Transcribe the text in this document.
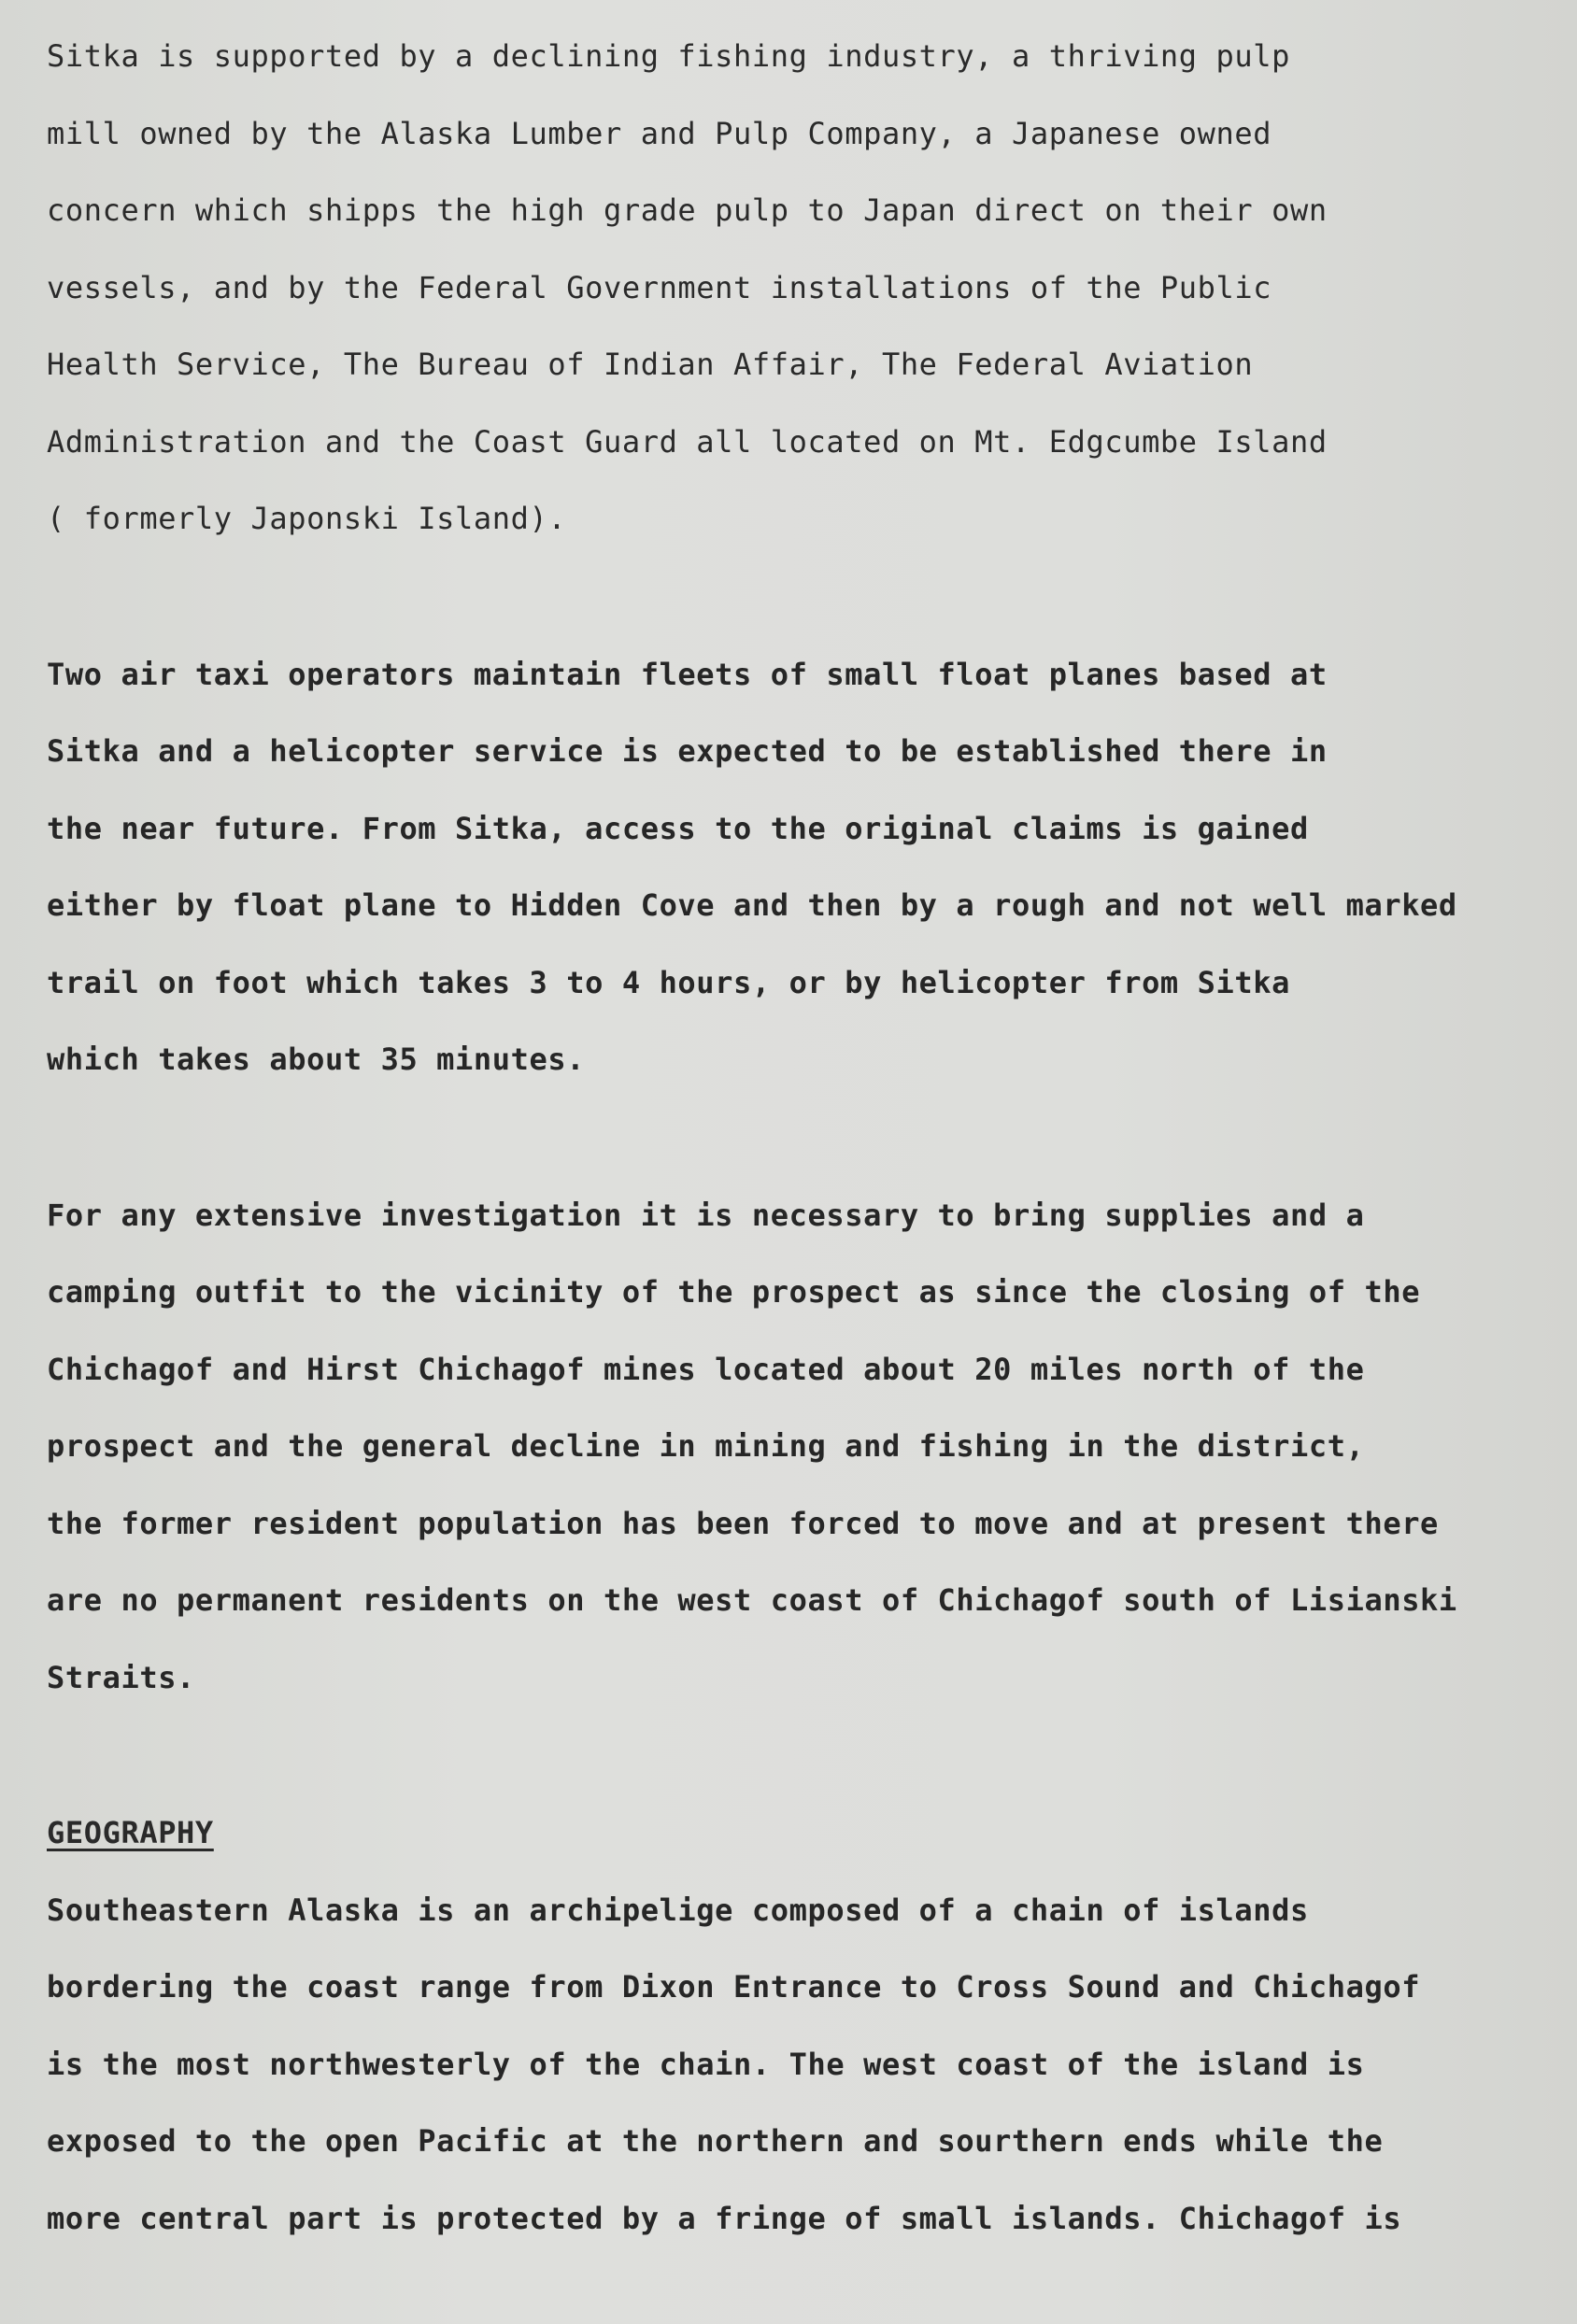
Sitka is supported by a declining fishing industry, a thriving pulp
mill owned by the Alaska Lumber and Pulp Company, a Japanese owned
concern which shipps the high grade pulp to Japan direct on their own
vessels, and by the Federal Government installations of the Public
Health Service, The Bureau of Indian Affair, The Federal Aviation
Administration and the Coast Guard all located on Mt. Edgcumbe Island
( formerly Japonski Island).
Two air taxi operators maintain fleets of small float planes based at
Sitka and a helicopter service is expected to be established there in
the near future. From Sitka, access to the original claims is gained
either by float plane to Hidden Cove and then by a rough and not well marked
trail on foot which takes 3 to 4 hours, or by helicopter from Sitka
which takes about 35 minutes.
For any extensive investigation it is necessary to bring supplies and a
camping outfit to the vicinity of the prospect as since the closing of the
Chichagof and Hirst Chichagof mines located about 20 miles north of the
prospect and the general decline in mining and fishing in the district,
the former resident population has been forced to move and at present there
are no permanent residents on the west coast of Chichagof south of Lisianski
Straits.
GEOGRAPHY
Southeastern Alaska is an archipelige composed of a chain of islands
bordering the coast range from Dixon Entrance to Cross Sound and Chichagof
is the most northwesterly of the chain. The west coast of the island is
exposed to the open Pacific at the northern and sourthern ends while the
more central part is protected by a fringe of small islands. Chichagof is
